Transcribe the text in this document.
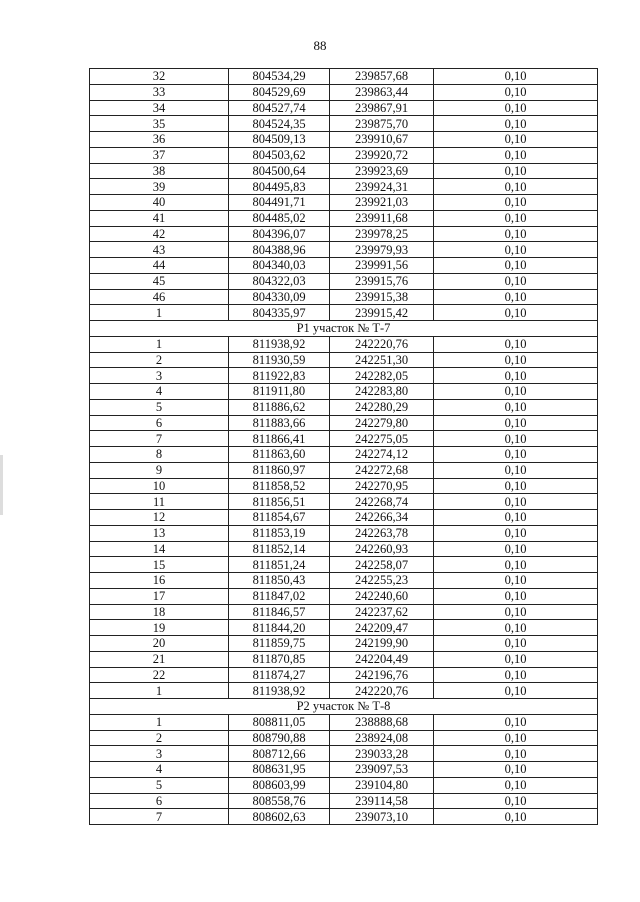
88
32	804534,29	239857,68	0,10
33	804529,69	239863,44	0,10
34	804527,74	239867,91	0,10
35	804524,35	239875,70	0,10
36	804509,13	239910,67	0,10
37	804503,62	239920,72	0,10
38	804500,64	239923,69	0,10
39	804495,83	239924,31	0,10
40	804491,71	239921,03	0,10
41	804485,02	239911,68	0,10
42	804396,07	239978,25	0,10
43	804388,96	239979,93	0,10
44	804340,03	239991,56	0,10
45	804322,03	239915,76	0,10
46	804330,09	239915,38	0,10
1	804335,97	239915,42	0,10
Р1 участок № Т-7			
1	811938,92	242220,76	0,10
2	811930,59	242251,30	0,10
3	811922,83	242282,05	0,10
4	811911,80	242283,80	0,10
5	811886,62	242280,29	0,10
6	811883,66	242279,80	0,10
7	811866,41	242275,05	0,10
8	811863,60	242274,12	0,10
9	811860,97	242272,68	0,10
10	811858,52	242270,95	0,10
11	811856,51	242268,74	0,10
12	811854,67	242266,34	0,10
13	811853,19	242263,78	0,10
14	811852,14	242260,93	0,10
15	811851,24	242258,07	0,10
16	811850,43	242255,23	0,10
17	811847,02	242240,60	0,10
18	811846,57	242237,62	0,10
19	811844,20	242209,47	0,10
20	811859,75	242199,90	0,10
21	811870,85	242204,49	0,10
22	811874,27	242196,76	0,10
1	811938,92	242220,76	0,10
Р2 участок № Т-8			
1	808811,05	238888,68	0,10
2	808790,88	238924,08	0,10
3	808712,66	239033,28	0,10
4	808631,95	239097,53	0,10
5	808603,99	239104,80	0,10
6	808558,76	239114,58	0,10
7	808602,63	239073,10	0,10
